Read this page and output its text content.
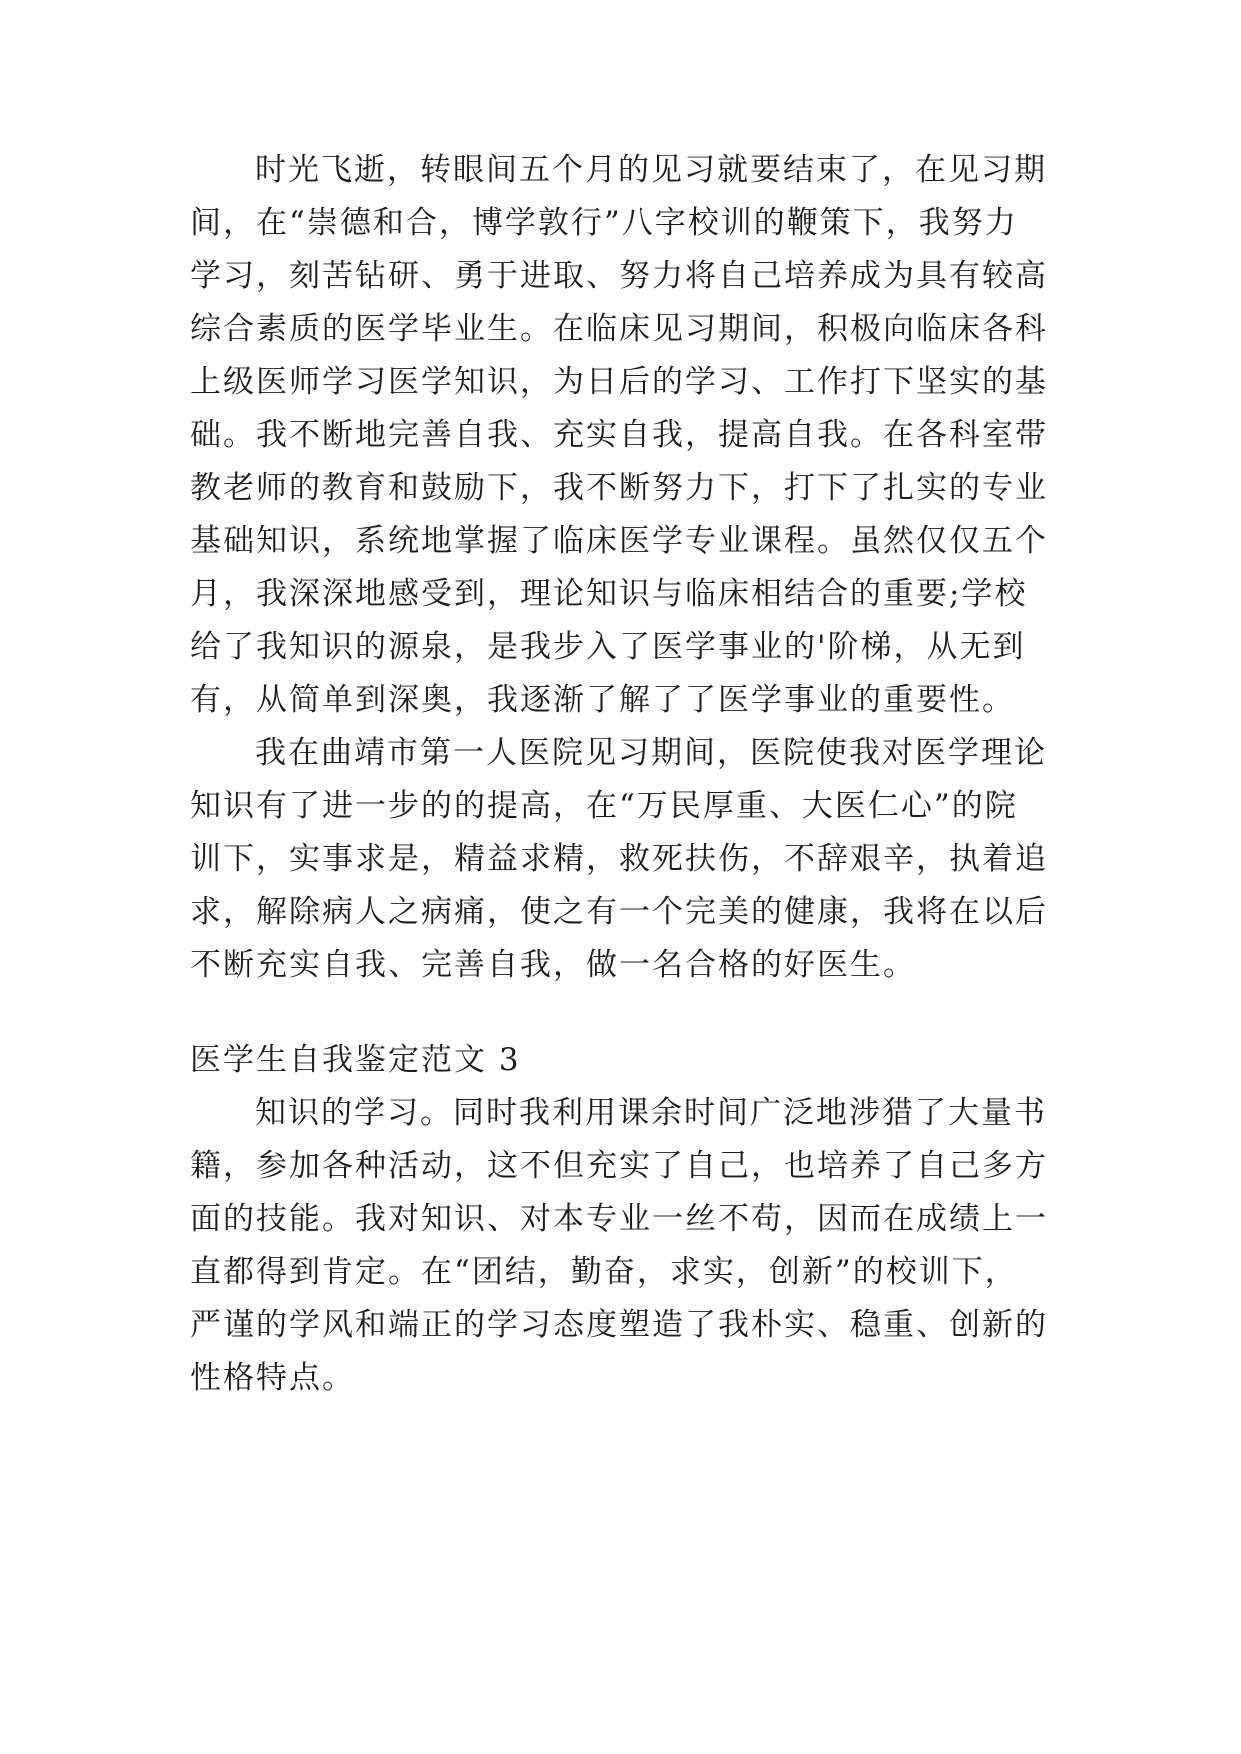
时光飞逝，转眼间五个月的见习就要结束了，在见习期
间，在“崇德和合，博学敦行”八字校训的鞭策下，我努力
学习，刻苦钻研、勇于进取、努力将自己培养成为具有较高
综合素质的医学毕业生。在临床见习期间，积极向临床各科
上级医师学习医学知识，为日后的学习、工作打下坚实的基
础。我不断地完善自我、充实自我，提高自我。在各科室带
教老师的教育和鼓励下，我不断努力下，打下了扎实的专业
基础知识，系统地掌握了临床医学专业课程。虽然仅仅五个
月，我深深地感受到，理论知识与临床相结合的重要;学校
给了我知识的源泉，是我步入了医学事业的'阶梯，从无到
有，从简单到深奥，我逐渐了解了了医学事业的重要性。
我在曲靖市第一人医院见习期间，医院使我对医学理论
知识有了进一步的的提高，在“万民厚重、大医仁心”的院
训下，实事求是，精益求精，救死扶伤，不辞艰辛，执着追
求，解除病人之病痛，使之有一个完美的健康，我将在以后
不断充实自我、完善自我，做一名合格的好医生。
医学生自我鉴定范文 3
知识的学习。同时我利用课余时间广泛地涉猎了大量书
籍，参加各种活动，这不但充实了自己，也培养了自己多方
面的技能。我对知识、对本专业一丝不苟，因而在成绩上一
直都得到肯定。在“团结，勤奋，求实，创新”的校训下，
严谨的学风和端正的学习态度塑造了我朴实、稳重、创新的
性格特点。
